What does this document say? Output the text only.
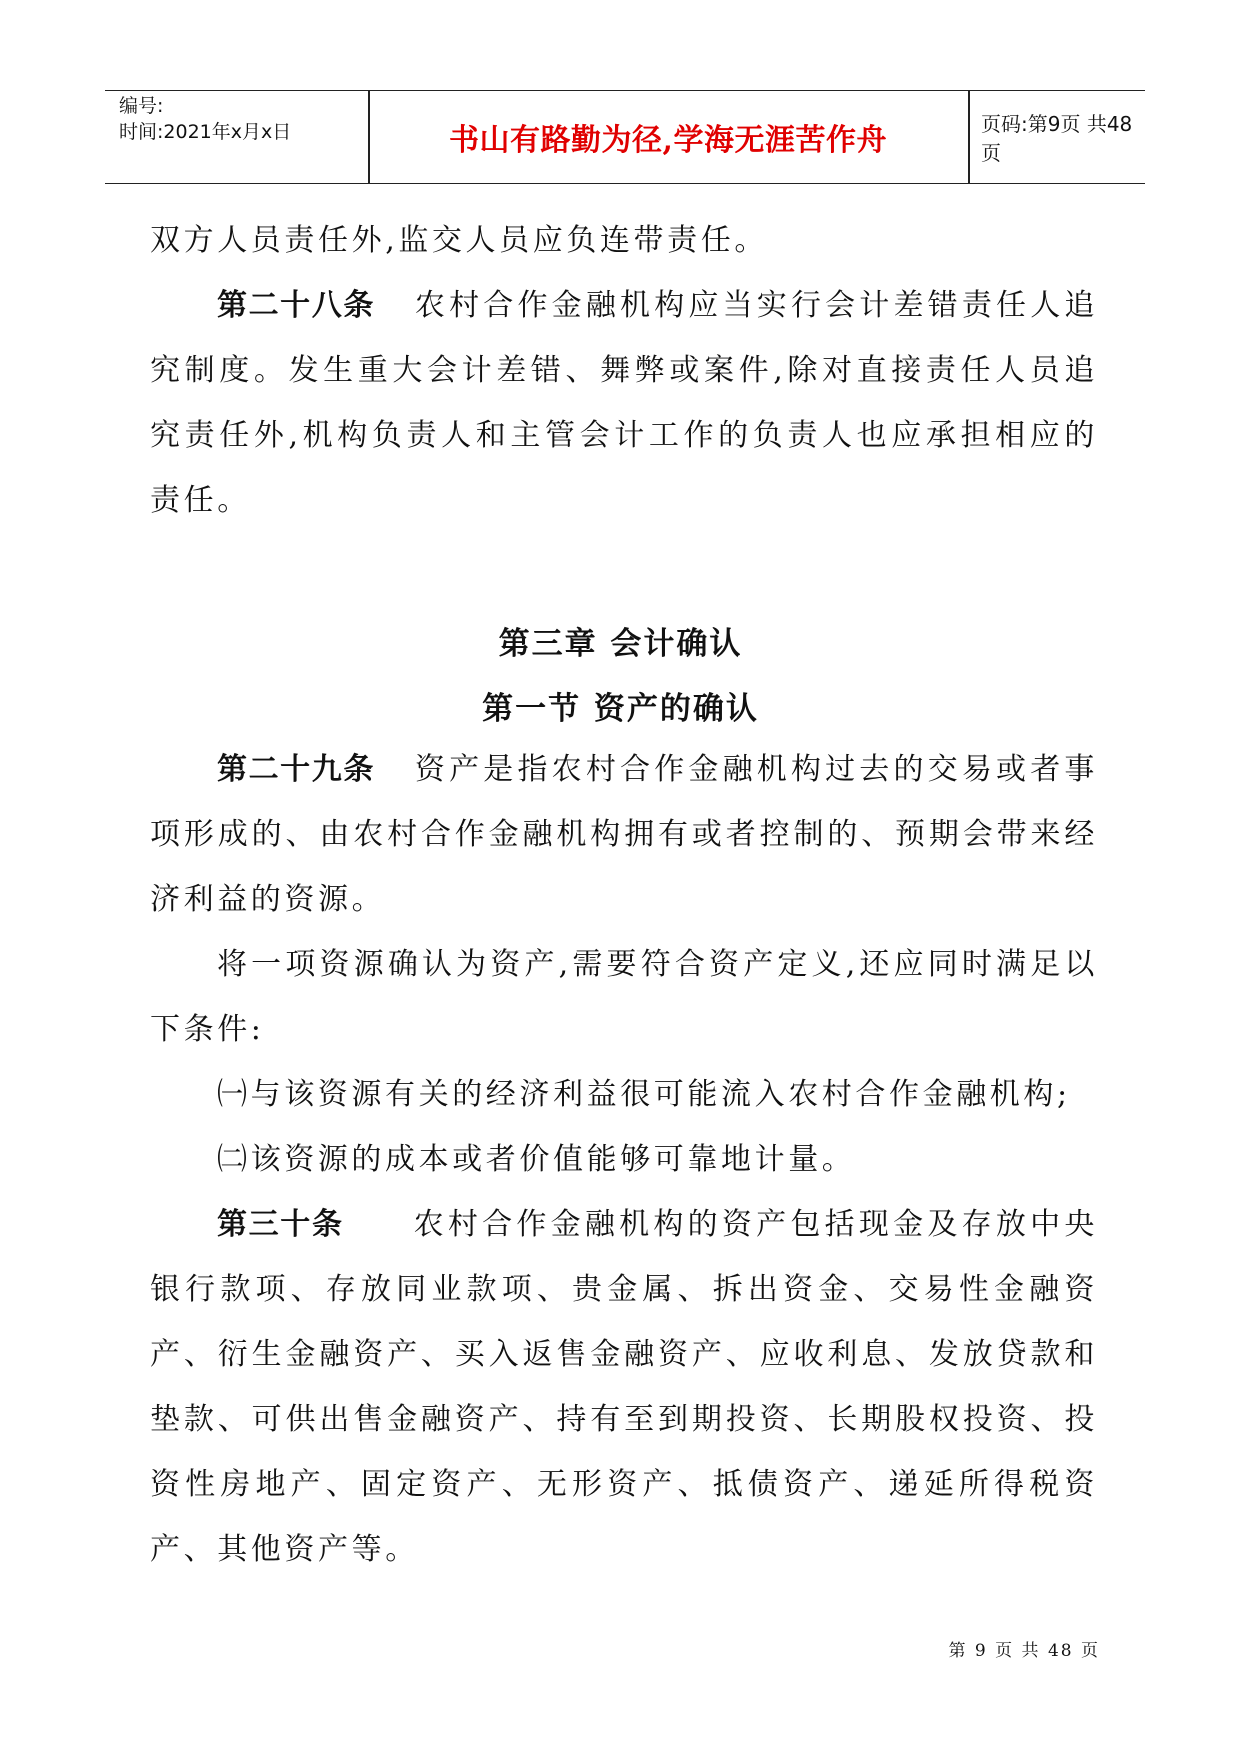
编号:
时间:2021年x月x日	书山有路勤为径,学海无涯苦作舟	页码:第9页 共48页

双方人员责任外,监交人员应负连带责任。

第二十八条 农村合作金融机构应当实行会计差错责任人追究制度。发生重大会计差错、舞弊或案件,除对直接责任人员追究责任外,机构负责人和主管会计工作的负责人也应承担相应的责任。

第三章 会计确认
第一节 资产的确认

第二十九条 资产是指农村合作金融机构过去的交易或者事项形成的、由农村合作金融机构拥有或者控制的、预期会带来经济利益的资源。

将一项资源确认为资产,需要符合资产定义,还应同时满足以下条件:

㈠与该资源有关的经济利益很可能流入农村合作金融机构;

㈡该资源的成本或者价值能够可靠地计量。

第三十条 农村合作金融机构的资产包括现金及存放中央银行款项、存放同业款项、贵金属、拆出资金、交易性金融资产、衍生金融资产、买入返售金融资产、应收利息、发放贷款和垫款、可供出售金融资产、持有至到期投资、长期股权投资、投资性房地产、固定资产、无形资产、抵债资产、递延所得税资产、其他资产等。

第 9 页 共 48 页
